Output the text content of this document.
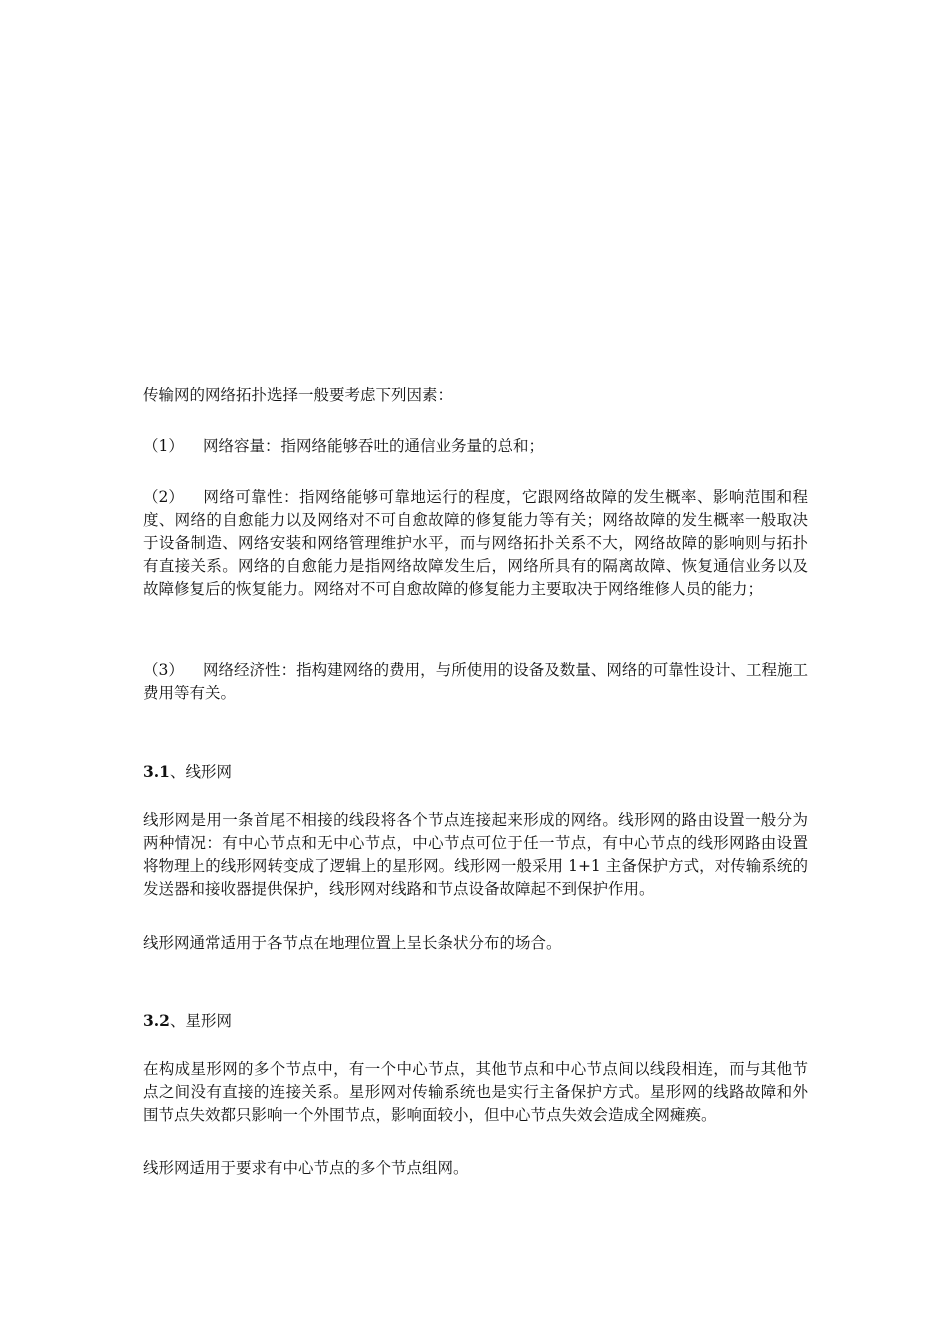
传输网的网络拓扑选择一般要考虑下列因素：

（1） 网络容量：指网络能够吞吐的通信业务量的总和；

（2） 网络可靠性：指网络能够可靠地运行的程度，它跟网络故障的发生概率、影响范围和程度、网络的自愈能力以及网络对不可自愈故障的修复能力等有关；网络故障的发生概率一般取决于设备制造、网络安装和网络管理维护水平，而与网络拓扑关系不大，网络故障的影响则与拓扑有直接关系。网络的自愈能力是指网络故障发生后，网络所具有的隔离故障、恢复通信业务以及故障修复后的恢复能力。网络对不可自愈故障的修复能力主要取决于网络维修人员的能力；

（3） 网络经济性：指构建网络的费用，与所使用的设备及数量、网络的可靠性设计、工程施工费用等有关。

3.1、线形网

线形网是用一条首尾不相接的线段将各个节点连接起来形成的网络。线形网的路由设置一般分为两种情况：有中心节点和无中心节点，中心节点可位于任一节点，有中心节点的线形网路由设置将物理上的线形网转变成了逻辑上的星形网。线形网一般采用 1+1 主备保护方式，对传输系统的发送器和接收器提供保护，线形网对线路和节点设备故障起不到保护作用。

线形网通常适用于各节点在地理位置上呈长条状分布的场合。

3.2、星形网

在构成星形网的多个节点中，有一个中心节点，其他节点和中心节点间以线段相连，而与其他节点之间没有直接的连接关系。星形网对传输系统也是实行主备保护方式。星形网的线路故障和外围节点失效都只影响一个外围节点，影响面较小，但中心节点失效会造成全网瘫痪。

线形网适用于要求有中心节点的多个节点组网。
